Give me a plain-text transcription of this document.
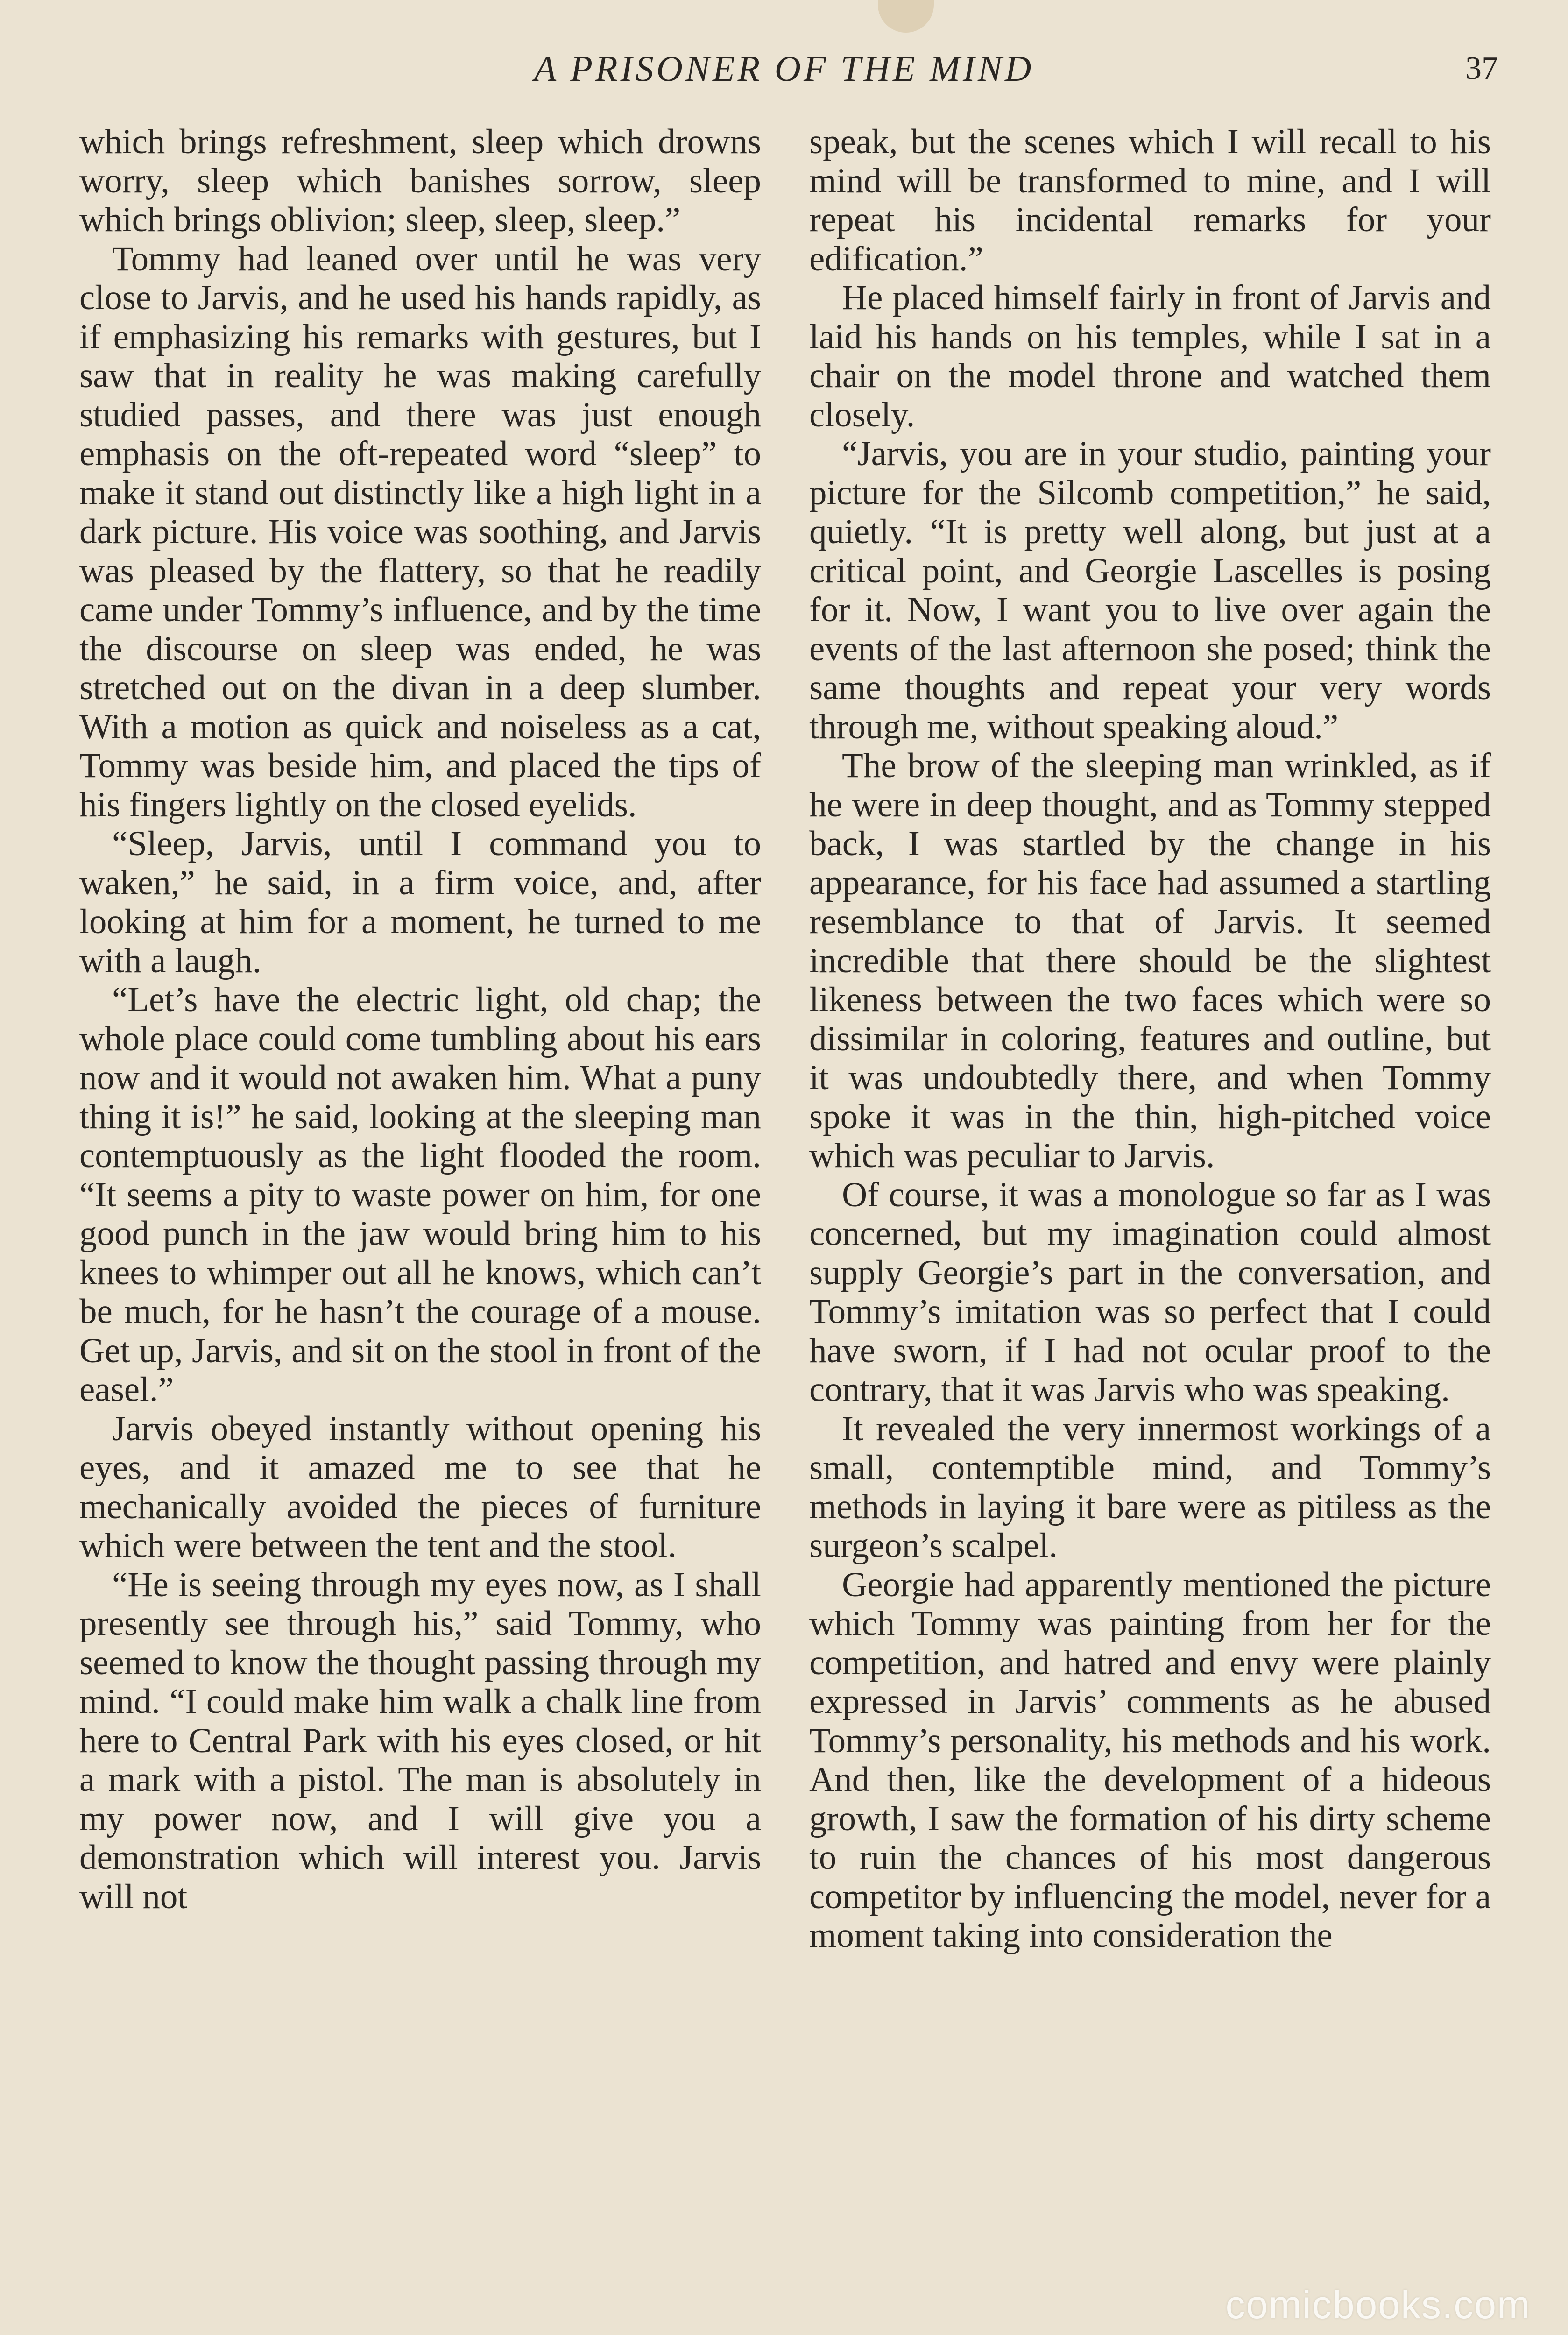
A PRISONER OF THE MIND	37

which brings refreshment, sleep which drowns worry, sleep which banishes sorrow, sleep which brings oblivion; sleep, sleep, sleep.”

Tommy had leaned over until he was very close to Jarvis, and he used his hands rapidly, as if emphasizing his remarks with gestures, but I saw that in reality he was making carefully studied passes, and there was just enough emphasis on the oft-repeated word “sleep” to make it stand out distinctly like a high light in a dark picture. His voice was soothing, and Jarvis was pleased by the flattery, so that he readily came under Tommy’s influence, and by the time the discourse on sleep was ended, he was stretched out on the divan in a deep slumber. With a motion as quick and noiseless as a cat, Tommy was beside him, and placed the tips of his fingers lightly on the closed eyelids.

“Sleep, Jarvis, until I command you to waken,” he said, in a firm voice, and, after looking at him for a moment, he turned to me with a laugh.

“Let’s have the electric light, old chap; the whole place could come tumbling about his ears now and it would not awaken him. What a puny thing it is!” he said, looking at the sleeping man contemptuously as the light flooded the room. “It seems a pity to waste power on him, for one good punch in the jaw would bring him to his knees to whimper out all he knows, which can’t be much, for he hasn’t the courage of a mouse. Get up, Jarvis, and sit on the stool in front of the easel.”

Jarvis obeyed instantly without opening his eyes, and it amazed me to see that he mechanically avoided the pieces of furniture which were between the tent and the stool.

“He is seeing through my eyes now, as I shall presently see through his,” said Tommy, who seemed to know the thought passing through my mind. “I could make him walk a chalk line from here to Central Park with his eyes closed, or hit a mark with a pistol. The man is absolutely in my power now, and I will give you a demonstration which will interest you. Jarvis will not

speak, but the scenes which I will recall to his mind will be transformed to mine, and I will repeat his incidental remarks for your edification.”

He placed himself fairly in front of Jarvis and laid his hands on his temples, while I sat in a chair on the model throne and watched them closely.

“Jarvis, you are in your studio, painting your picture for the Silcomb competition,” he said, quietly. “It is pretty well along, but just at a critical point, and Georgie Lascelles is posing for it. Now, I want you to live over again the events of the last afternoon she posed; think the same thoughts and repeat your very words through me, without speaking aloud.”

The brow of the sleeping man wrinkled, as if he were in deep thought, and as Tommy stepped back, I was startled by the change in his appearance, for his face had assumed a startling resemblance to that of Jarvis. It seemed incredible that there should be the slightest likeness between the two faces which were so dissimilar in coloring, features and outline, but it was undoubtedly there, and when Tommy spoke it was in the thin, high-pitched voice which was peculiar to Jarvis.

Of course, it was a monologue so far as I was concerned, but my imagination could almost supply Georgie’s part in the conversation, and Tommy’s imitation was so perfect that I could have sworn, if I had not ocular proof to the contrary, that it was Jarvis who was speaking.

It revealed the very innermost workings of a small, contemptible mind, and Tommy’s methods in laying it bare were as pitiless as the surgeon’s scalpel.

Georgie had apparently mentioned the picture which Tommy was painting from her for the competition, and hatred and envy were plainly expressed in Jarvis’ comments as he abused Tommy’s personality, his methods and his work. And then, like the development of a hideous growth, I saw the formation of his dirty scheme to ruin the chances of his most dangerous competitor by influencing the model, never for a moment taking into consideration the

comicbooks.com
